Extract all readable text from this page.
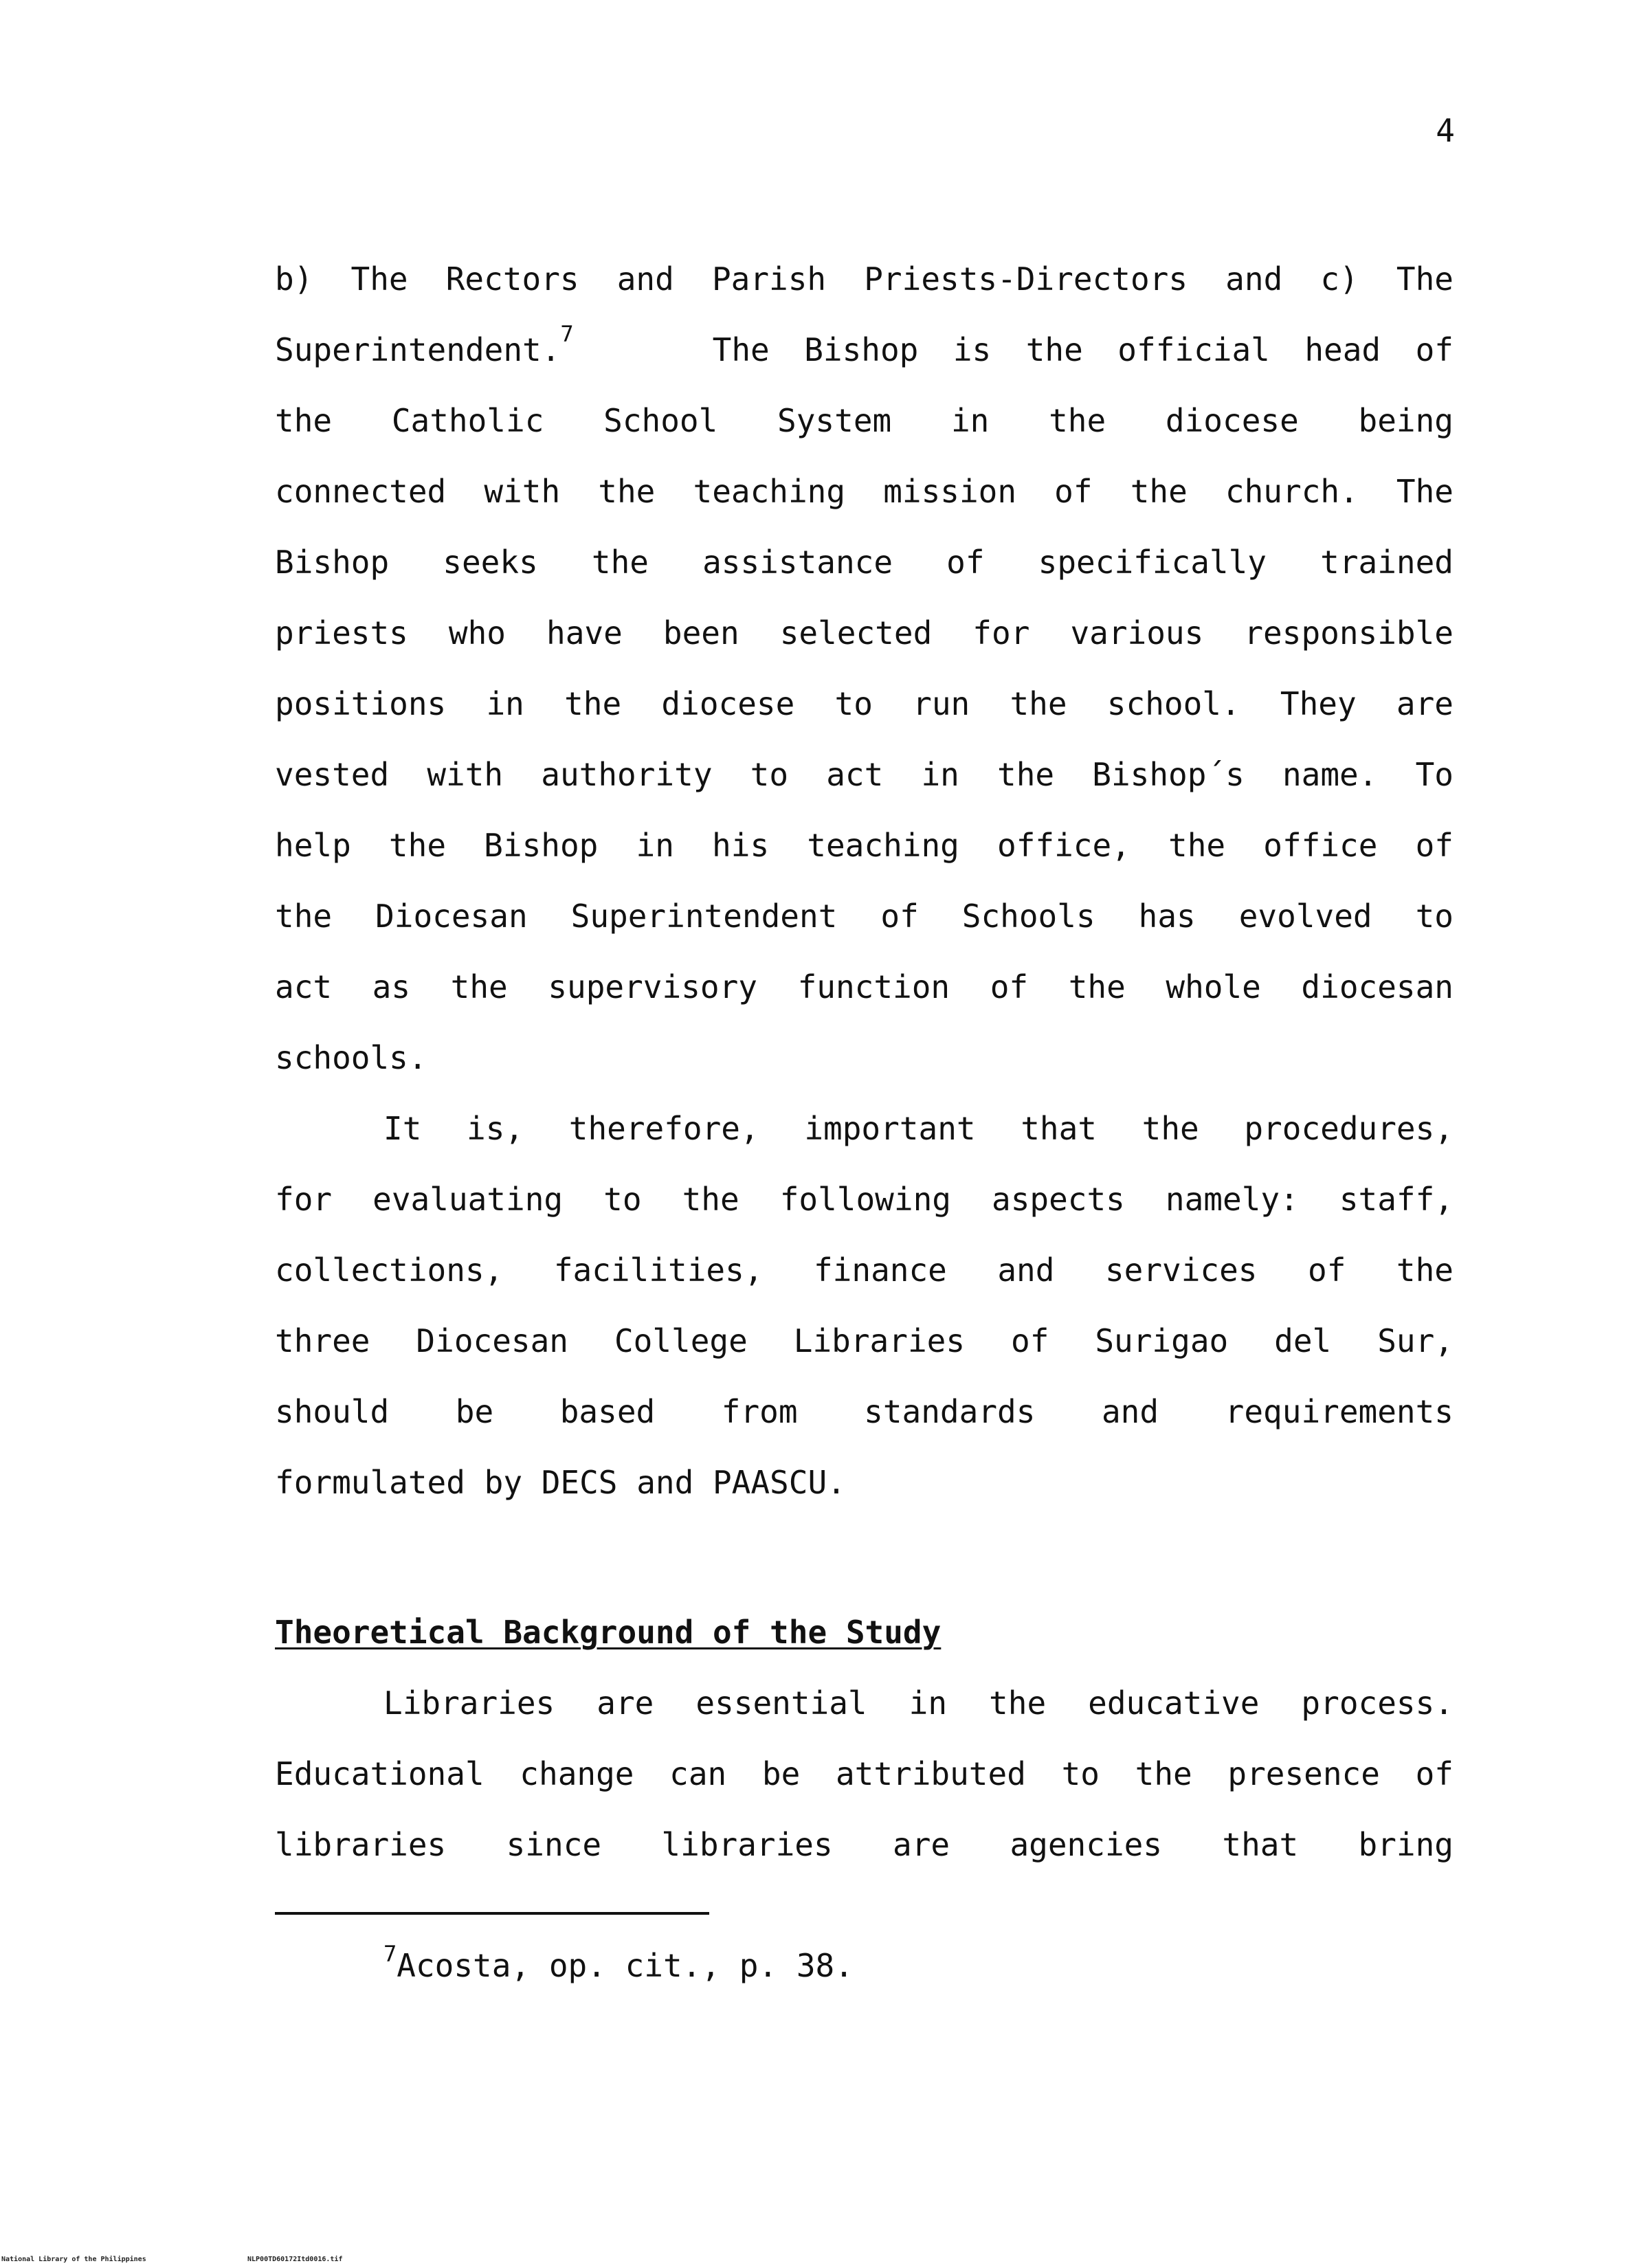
4

b) The Rectors and Parish Priests-Directors and c) The
Superintendent.$^7$	The Bishop is the official head of
the Catholic School System in the diocese being
connected with the teaching mission of the church. The
Bishop seeks the assistance of specifically trained
priests who have been selected for various responsible
positions in the diocese to run the school. They are
vested with authority to act in the Bishop´s name. To
help the Bishop in his teaching office, the office of
the Diocesan Superintendent of Schools has evolved to
act as the supervisory function of the whole diocesan
schools.

It is, therefore, important that the procedures,
for evaluating to the following aspects namely: staff,
collections, facilities, finance and services of the
three Diocesan College Libraries of Surigao del Sur,
should be based from standards and requirements
formulated by DECS and PAASCU.

Theoretical Background of the Study

Libraries are essential in the educative process.
Educational change can be attributed to the presence of
libraries since libraries are agencies that bring

$^7$Acosta, op. cit., p. 38.
National Library of the Philippines	NLP00TD60172Itd0016.tif
